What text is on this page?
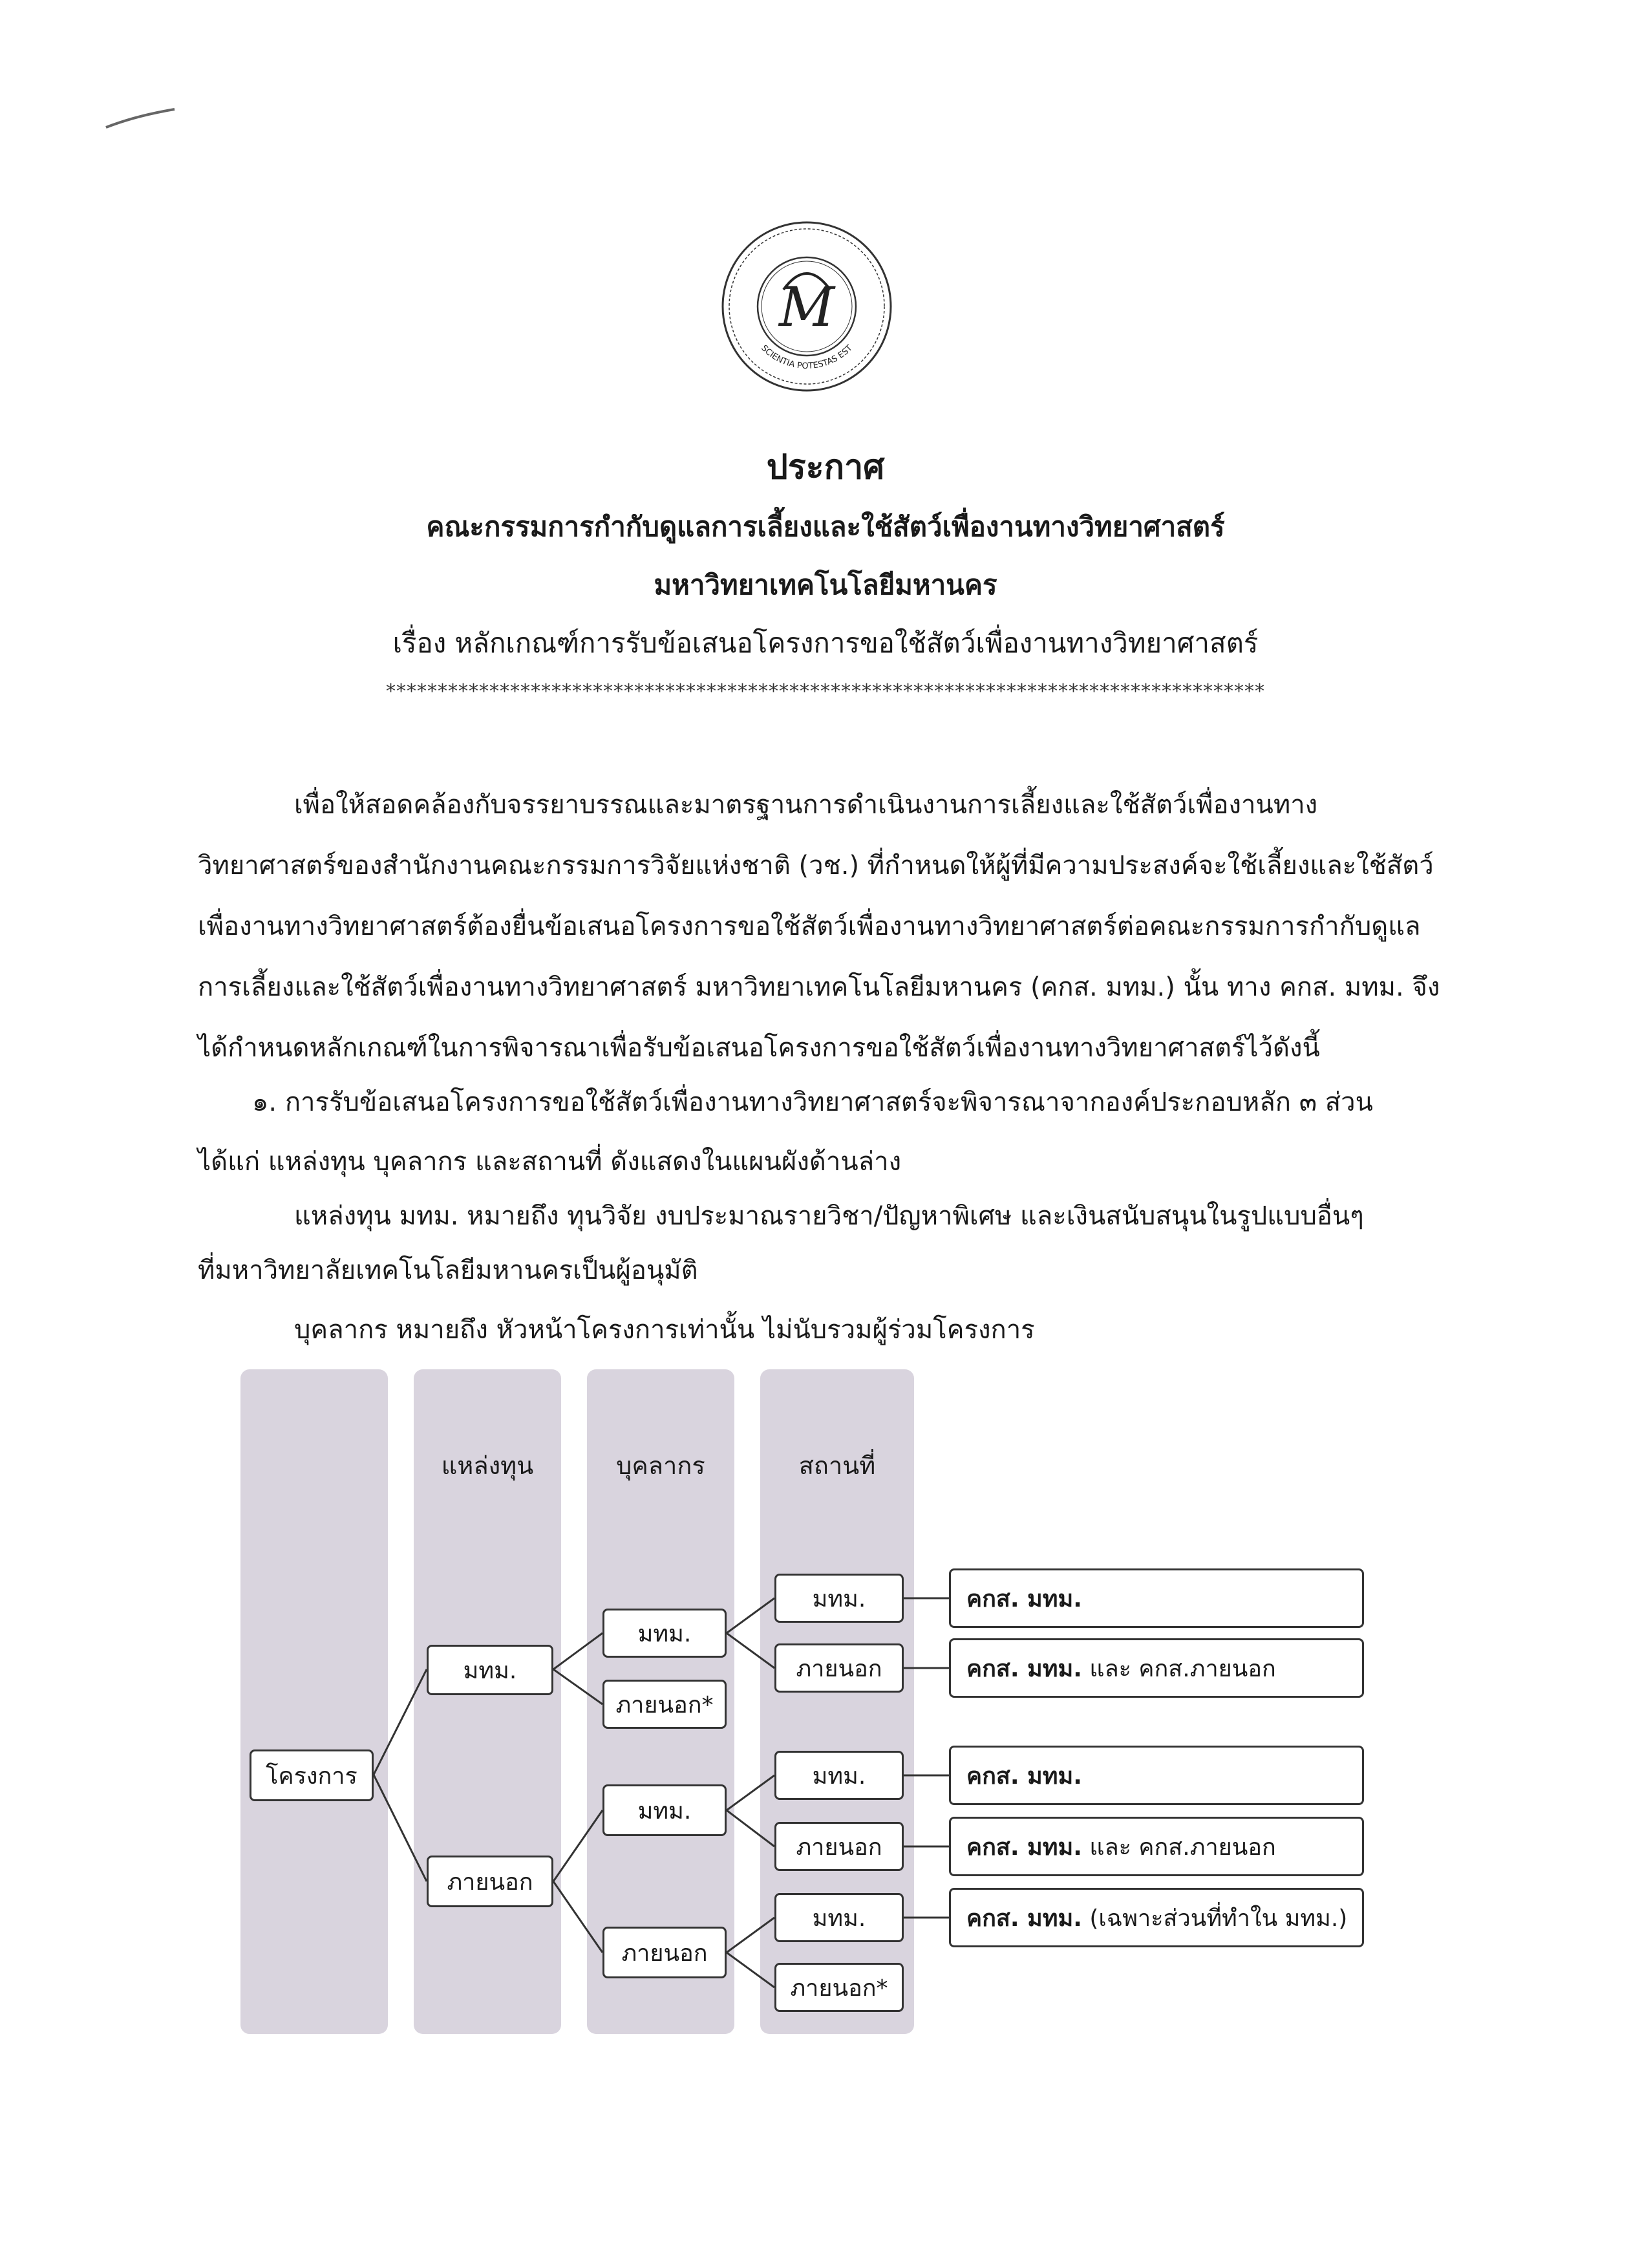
SCIENTIA POTESTAS EST
M
ประกาศ
คณะกรรมการกำกับดูแลการเลี้ยงและใช้สัตว์เพื่องานทางวิทยาศาสตร์
มหาวิทยาเทคโนโลยีมหานคร
เรื่อง หลักเกณฑ์การรับข้อเสนอโครงการขอใช้สัตว์เพื่องานทางวิทยาศาสตร์
*************************************************************************************
เพื่อให้สอดคล้องกับจรรยาบรรณและมาตรฐานการดำเนินงานการเลี้ยงและใช้สัตว์เพื่องานทาง
วิทยาศาสตร์ของสำนักงานคณะกรรมการวิจัยแห่งชาติ (วช.) ที่กำหนดให้ผู้ที่มีความประสงค์จะใช้เลี้ยงและใช้สัตว์
เพื่องานทางวิทยาศาสตร์ต้องยื่นข้อเสนอโครงการขอใช้สัตว์เพื่องานทางวิทยาศาสตร์ต่อคณะกรรมการกำกับดูแล
การเลี้ยงและใช้สัตว์เพื่องานทางวิทยาศาสตร์ มหาวิทยาเทคโนโลยีมหานคร (คกส. มทม.) นั้น ทาง คกส. มทม. จึง
ได้กำหนดหลักเกณฑ์ในการพิจารณาเพื่อรับข้อเสนอโครงการขอใช้สัตว์เพื่องานทางวิทยาศาสตร์ไว้ดังนี้
๑. การรับข้อเสนอโครงการขอใช้สัตว์เพื่องานทางวิทยาศาสตร์จะพิจารณาจากองค์ประกอบหลัก ๓ ส่วน
ได้แก่ แหล่งทุน บุคลากร และสถานที่ ดังแสดงในแผนผังด้านล่าง
แหล่งทุน มทม. หมายถึง ทุนวิจัย งบประมาณรายวิชา/ปัญหาพิเศษ และเงินสนับสนุนในรูปแบบอื่นๆ
ที่มหาวิทยาลัยเทคโนโลยีมหานครเป็นผู้อนุมัติ
บุคลากร หมายถึง หัวหน้าโครงการเท่านั้น ไม่นับรวมผู้ร่วมโครงการ
แหล่งทุน	บุคลากร	สถานที่
โครงการ
มทม.
ภายนอก
มทม.
ภายนอก*
มทม.
ภายนอก
มทม.
ภายนอก
มทม.
ภายนอก
มทม.
ภายนอก*
คกส. มทม.
คกส. มทม. และ คกส.ภายนอก
คกส. มทม.
คกส. มทม. และ คกส.ภายนอก
คกส. มทม. (เฉพาะส่วนที่ทำใน มทม.)
